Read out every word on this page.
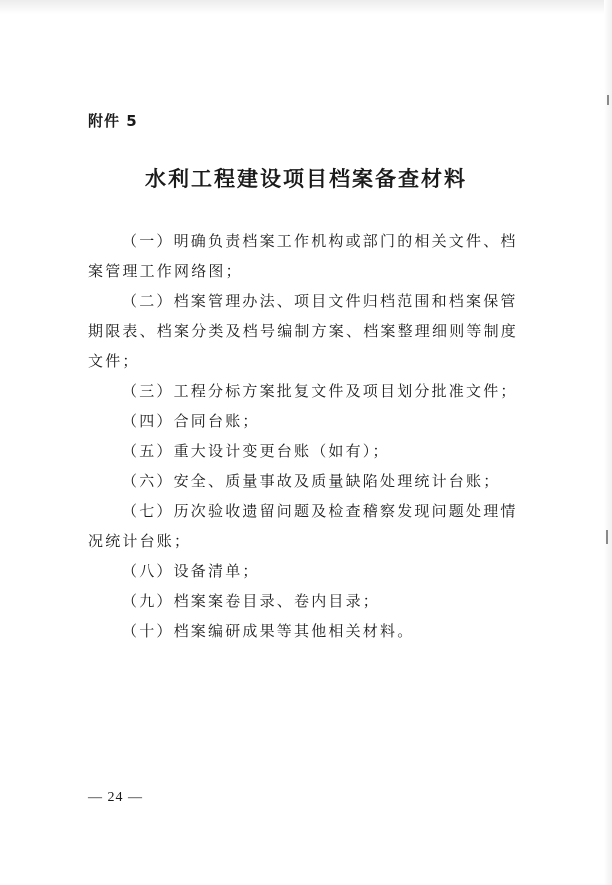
附件 5
水利工程建设项目档案备查材料

（一）明确负责档案工作机构或部门的相关文件、档案管理工作网络图；

（二）档案管理办法、项目文件归档范围和档案保管期限表、档案分类及档号编制方案、档案整理细则等制度文件；

（三）工程分标方案批复文件及项目划分批准文件；

（四）合同台账；

（五）重大设计变更台账（如有）；

（六）安全、质量事故及质量缺陷处理统计台账；

（七）历次验收遗留问题及检查稽察发现问题处理情况统计台账；

（八）设备清单；

（九）档案案卷目录、卷内目录；

（十）档案编研成果等其他相关材料。

— 24 —
